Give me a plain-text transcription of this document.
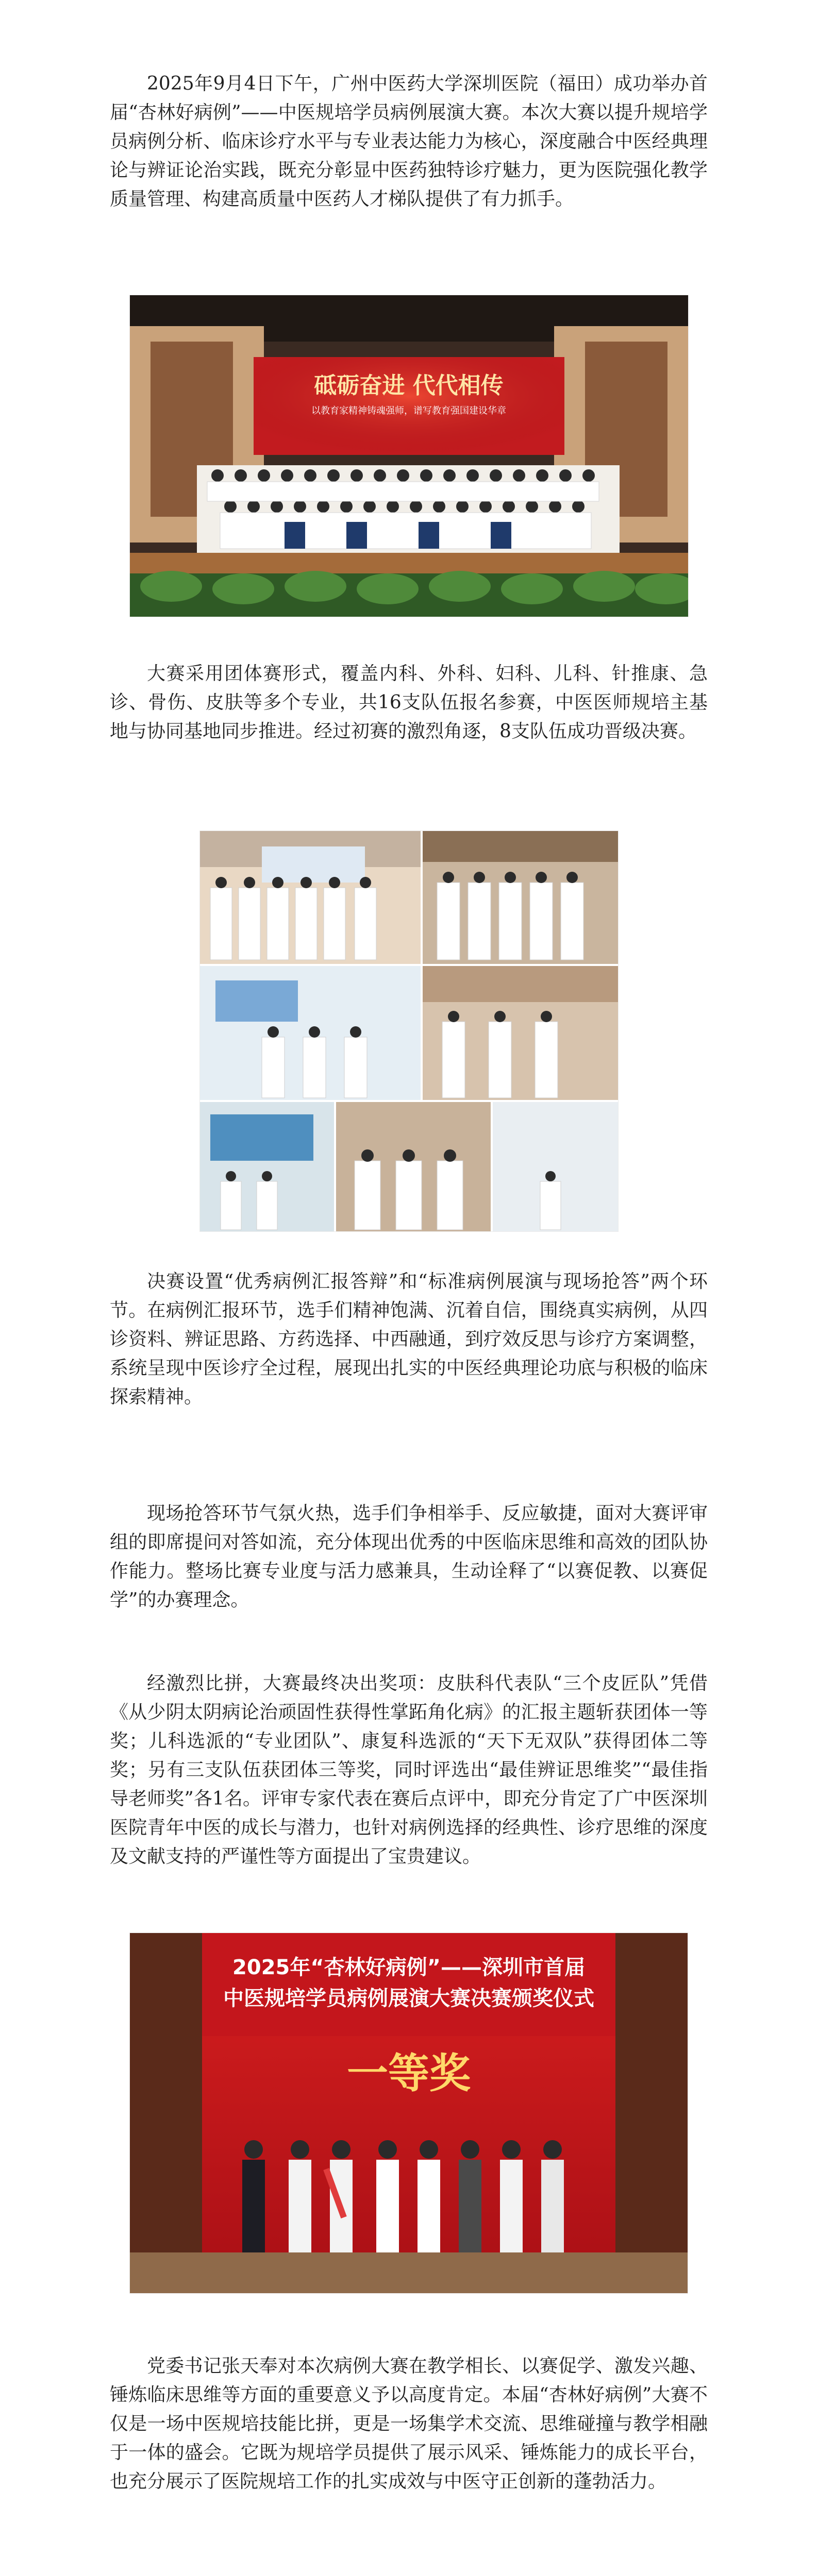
2025年9月4日下午，广州中医药大学深圳医院（福田）成功举办首届“杏林好病例”——中医规培学员病例展演大赛。本次大赛以提升规培学员病例分析、临床诊疗水平与专业表达能力为核心，深度融合中医经典理论与辨证论治实践，既充分彰显中医药独特诊疗魅力，更为医院强化教学质量管理、构建高质量中医药人才梯队提供了有力抓手。

砥砺奋进 代代相传
以教育家精神铸魂强师，谱写教育强国建设华章

大赛采用团体赛形式，覆盖内科、外科、妇科、儿科、针推康、急诊、骨伤、皮肤等多个专业，共16支队伍报名参赛，中医医师规培主基地与协同基地同步推进。经过初赛的激烈角逐，8支队伍成功晋级决赛。

决赛设置“优秀病例汇报答辩”和“标准病例展演与现场抢答”两个环节。在病例汇报环节，选手们精神饱满、沉着自信，围绕真实病例，从四诊资料、辨证思路、方药选择、中西融通，到疗效反思与诊疗方案调整，系统呈现中医诊疗全过程，展现出扎实的中医经典理论功底与积极的临床探索精神。

现场抢答环节气氛火热，选手们争相举手、反应敏捷，面对大赛评审组的即席提问对答如流，充分体现出优秀的中医临床思维和高效的团队协作能力。整场比赛专业度与活力感兼具，生动诠释了“以赛促教、以赛促学”的办赛理念。

经激烈比拼，大赛最终决出奖项：皮肤科代表队“三个皮匠队”凭借《从少阴太阴病论治顽固性获得性掌跖角化病》的汇报主题斩获团体一等奖；儿科选派的“专业团队”、康复科选派的“天下无双队”获得团体二等奖；另有三支队伍获团体三等奖，同时评选出“最佳辨证思维奖”“最佳指导老师奖”各1名。评审专家代表在赛后点评中，即充分肯定了广中医深圳医院青年中医的成长与潜力，也针对病例选择的经典性、诊疗思维的深度及文献支持的严谨性等方面提出了宝贵建议。

2025年“杏林好病例”——深圳市首届
中医规培学员病例展演大赛决赛颁奖仪式
一等奖

党委书记张天奉对本次病例大赛在教学相长、以赛促学、激发兴趣、锤炼临床思维等方面的重要意义予以高度肯定。本届“杏林好病例”大赛不仅是一场中医规培技能比拼，更是一场集学术交流、思维碰撞与教学相融于一体的盛会。它既为规培学员提供了展示风采、锤炼能力的成长平台，也充分展示了医院规培工作的扎实成效与中医守正创新的蓬勃活力。
